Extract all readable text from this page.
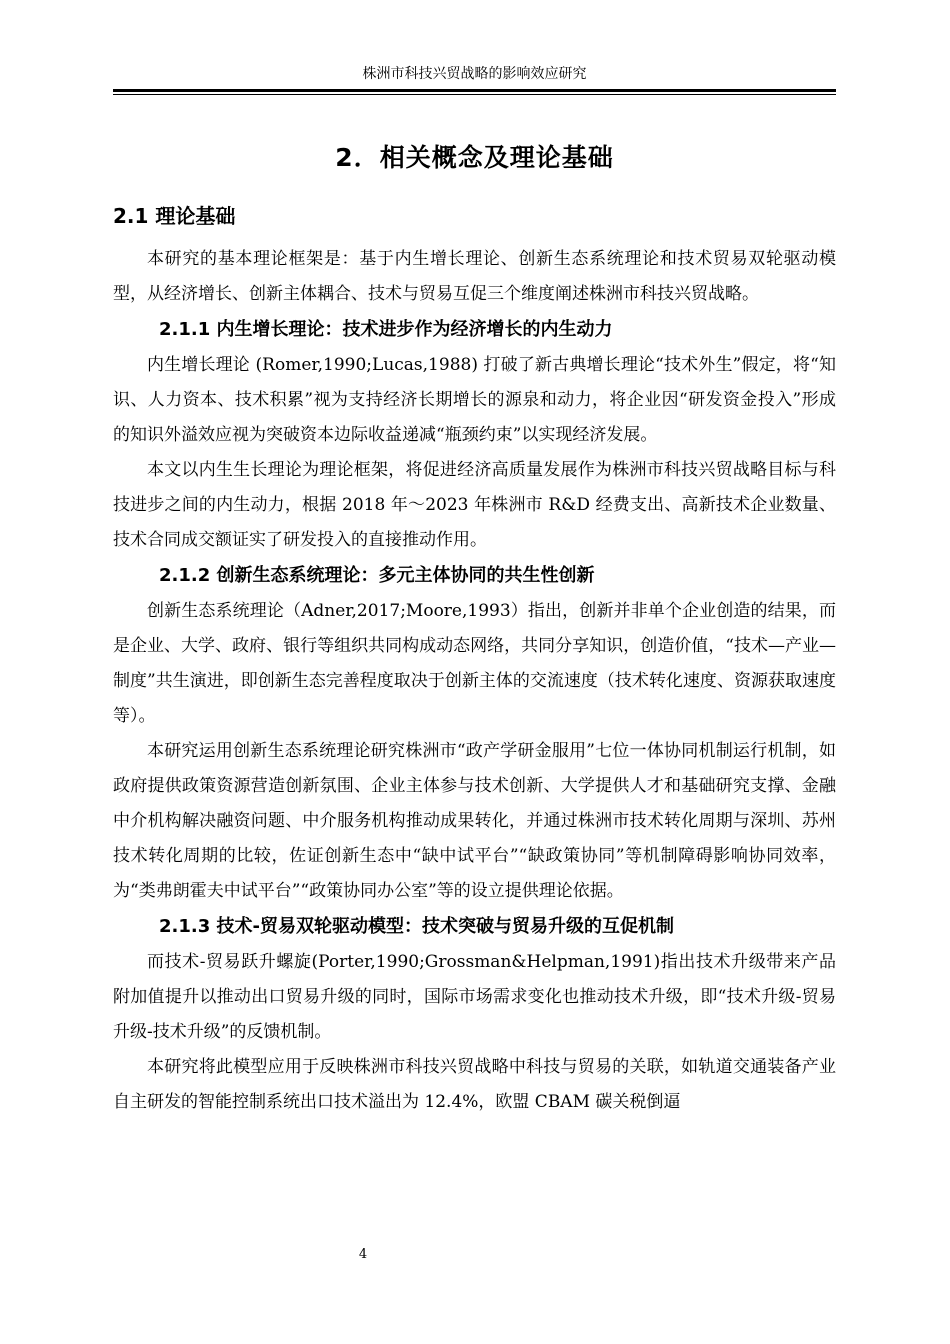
株洲市科技兴贸战略的影响效应研究
2．相关概念及理论基础
2.1 理论基础

本研究的基本理论框架是：基于内生增长理论、创新生态系统理论和技术贸易双轮驱动模型，从经济增长、创新主体耦合、技术与贸易互促三个维度阐述株洲市科技兴贸战略。

2.1.1 内生增长理论：技术进步作为经济增长的内生动力

内生增长理论 (Romer,1990;Lucas,1988) 打破了新古典增长理论“技术外生”假定，将“知识、人力资本、技术积累”视为支持经济长期增长的源泉和动力，将企业因“研发资金投入”形成的知识外溢效应视为突破资本边际收益递减“瓶颈约束”以实现经济发展。

本文以内生生长理论为理论框架，将促进经济高质量发展作为株洲市科技兴贸战略目标与科技进步之间的内生动力，根据 2018 年～2023 年株洲市 R&D 经费支出、高新技术企业数量、技术合同成交额证实了研发投入的直接推动作用。

2.1.2 创新生态系统理论：多元主体协同的共生性创新

创新生态系统理论（Adner,2017;Moore,1993）指出，创新并非单个企业创造的结果，而是企业、大学、政府、银行等组织共同构成动态网络，共同分享知识，创造价值，“技术—产业—制度”共生演进，即创新生态完善程度取决于创新主体的交流速度（技术转化速度、资源获取速度等）。

本研究运用创新生态系统理论研究株洲市“政产学研金服用”七位一体协同机制运行机制，如政府提供政策资源营造创新氛围、企业主体参与技术创新、大学提供人才和基础研究支撑、金融中介机构解决融资问题、中介服务机构推动成果转化，并通过株洲市技术转化周期与深圳、苏州技术转化周期的比较，佐证创新生态中“缺中试平台”“缺政策协同”等机制障碍影响协同效率，为“类弗朗霍夫中试平台”“政策协同办公室”等的设立提供理论依据。

2.1.3 技术-贸易双轮驱动模型：技术突破与贸易升级的互促机制

而技术-贸易跃升螺旋(Porter,1990;Grossman&Helpman,1991)指出技术升级带来产品附加值提升以推动出口贸易升级的同时，国际市场需求变化也推动技术升级，即“技术升级-贸易升级-技术升级”的反馈机制。

本研究将此模型应用于反映株洲市科技兴贸战略中科技与贸易的关联，如轨道交通装备产业自主研发的智能控制系统出口技术溢出为 12.4%，欧盟 CBAM 碳关税倒逼

4
